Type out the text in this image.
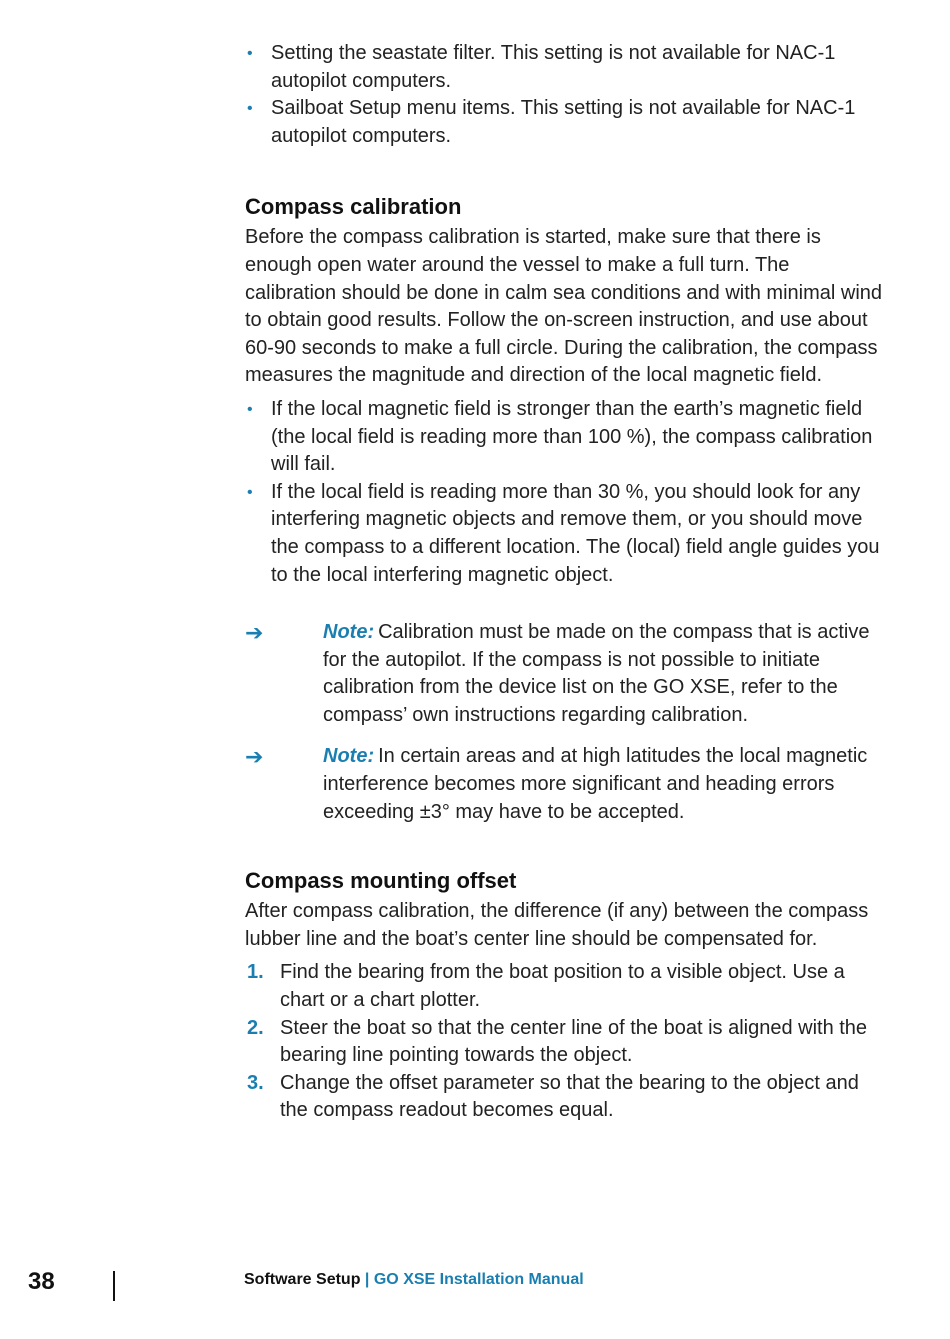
• Setting the seastate filter. This setting is not available for NAC-1 autopilot computers.
• Sailboat Setup menu items. This setting is not available for NAC-1 autopilot computers.
Compass calibration

Before the compass calibration is started, make sure that there is enough open water around the vessel to make a full turn. The calibration should be done in calm sea conditions and with minimal wind to obtain good results. Follow the on-screen instruction, and use about 60-90 seconds to make a full circle. During the calibration, the compass measures the magnitude and direction of the local magnetic field.

• If the local magnetic field is stronger than the earth’s magnetic field (the local field is reading more than 100 %), the compass calibration will fail.
• If the local field is reading more than 30 %, you should look for any interfering magnetic objects and remove them, or you should move the compass to a different location. The (local) field angle guides you to the local interfering magnetic object.
➔	Note: Calibration must be made on the compass that is active for the autopilot. If the compass is not possible to initiate calibration from the device list on the GO XSE, refer to the compass’ own instructions regarding calibration.
➔	Note: In certain areas and at high latitudes the local magnetic interference becomes more significant and heading errors exceeding ±3° may have to be accepted.
Compass mounting offset

After compass calibration, the difference (if any) between the compass lubber line and the boat’s center line should be compensated for.

1. Find the bearing from the boat position to a visible object. Use a chart or a chart plotter.
2. Steer the boat so that the center line of the boat is aligned with the bearing line pointing towards the object.
3. Change the offset parameter so that the bearing to the object and the compass readout becomes equal.
38	Software Setup | GO XSE Installation Manual
